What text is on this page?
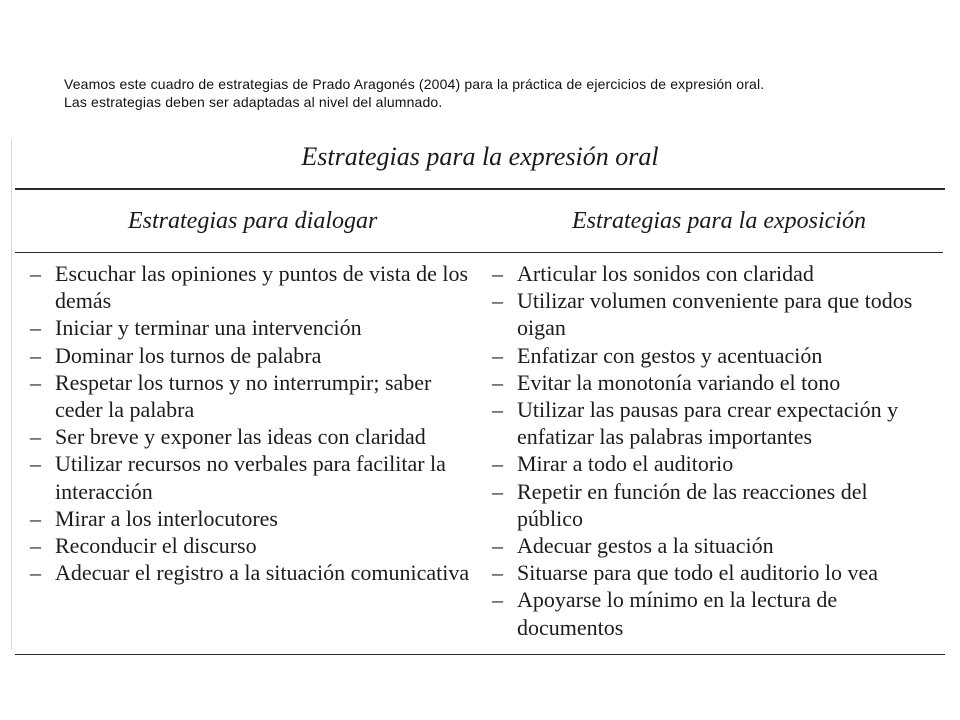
Veamos este cuadro de estrategias de Prado Aragonés (2004) para la práctica de ejercicios de expresión oral.

Las estrategias deben ser adaptadas al nivel del alumnado.

Estrategias para la expresión oral
Estrategias para dialogar	Estrategias para la exposición
– Escuchar las opiniones y puntos de vista de los demás
– Iniciar y terminar una intervención
– Dominar los turnos de palabra
– Respetar los turnos y no interrumpir; saber ceder la palabra
– Ser breve y exponer las ideas con claridad
– Utilizar recursos no verbales para facilitar la interacción
– Mirar a los interlocutores
– Reconducir el discurso
– Adecuar el registro a la situación comunicativa
– Articular los sonidos con claridad
– Utilizar volumen conveniente para que todos oigan
– Enfatizar con gestos y acentuación
– Evitar la monotonía variando el tono
– Utilizar las pausas para crear expectación y enfatizar las palabras importantes
– Mirar a todo el auditorio
– Repetir en función de las reacciones del público
– Adecuar gestos a la situación
– Situarse para que todo el auditorio lo vea
– Apoyarse lo mínimo en la lectura de documentos
